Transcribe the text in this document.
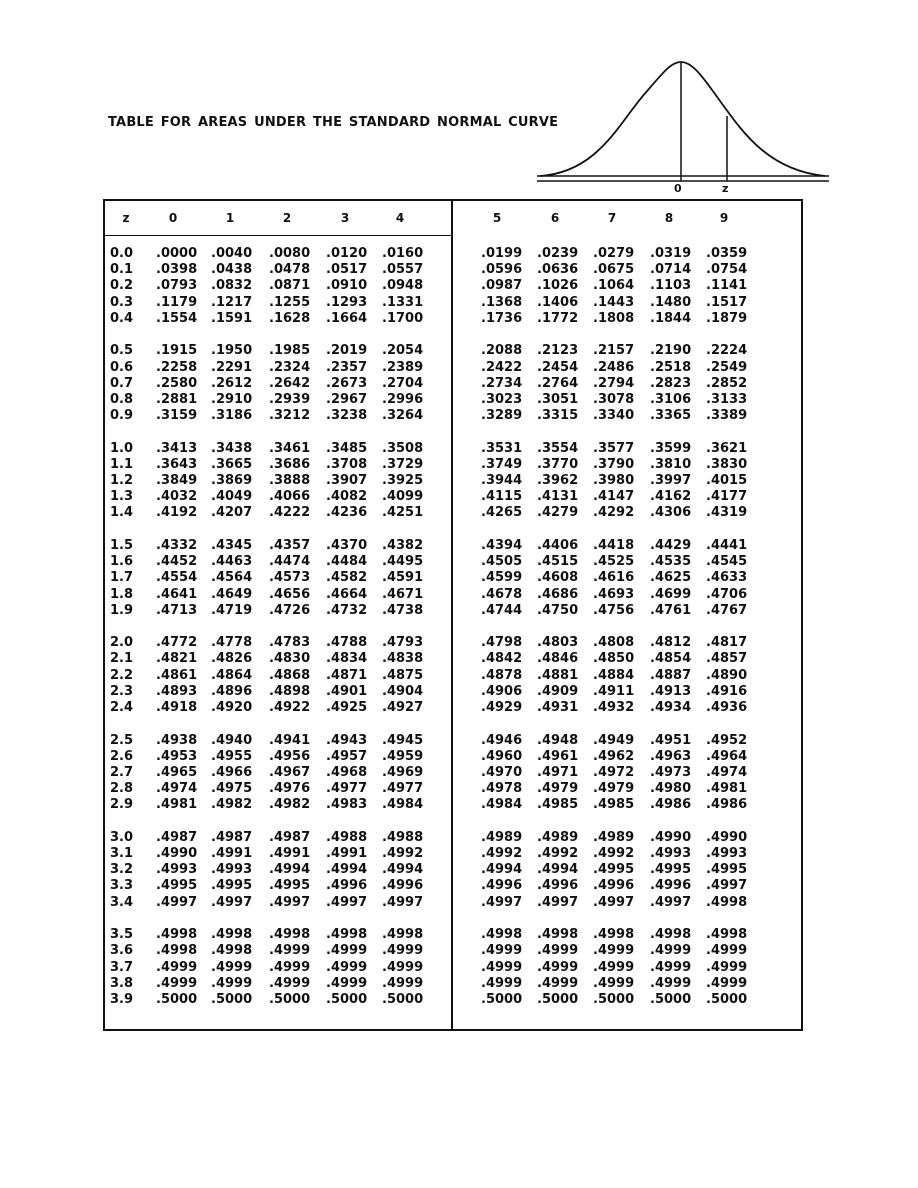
TABLE FOR AREAS UNDER THE STANDARD NORMAL CURVE
0	z
z	0	1	2	3	4	5	6	7	8	9
0.0 .0000 .0040 .0080 .0120 .0160	.0199 .0239 .0279 .0319 .0359
0.1 .0398 .0438 .0478 .0517 .0557	.0596 .0636 .0675 .0714 .0754
0.2 .0793 .0832 .0871 .0910 .0948	.0987 .1026 .1064 .1103 .1141
0.3 .1179 .1217 .1255 .1293 .1331	.1368 .1406 .1443 .1480 .1517
0.4 .1554 .1591 .1628 .1664 .1700	.1736 .1772 .1808 .1844 .1879
0.5 .1915 .1950 .1985 .2019 .2054	.2088 .2123 .2157 .2190 .2224
0.6 .2258 .2291 .2324 .2357 .2389	.2422 .2454 .2486 .2518 .2549
0.7 .2580 .2612 .2642 .2673 .2704	.2734 .2764 .2794 .2823 .2852
0.8 .2881 .2910 .2939 .2967 .2996	.3023 .3051 .3078 .3106 .3133
0.9 .3159 .3186 .3212 .3238 .3264	.3289 .3315 .3340 .3365 .3389
1.0 .3413 .3438 .3461 .3485 .3508	.3531 .3554 .3577 .3599 .3621
1.1 .3643 .3665 .3686 .3708 .3729	.3749 .3770 .3790 .3810 .3830
1.2 .3849 .3869 .3888 .3907 .3925	.3944 .3962 .3980 .3997 .4015
1.3 .4032 .4049 .4066 .4082 .4099	.4115 .4131 .4147 .4162 .4177
1.4 .4192 .4207 .4222 .4236 .4251	.4265 .4279 .4292 .4306 .4319
1.5 .4332 .4345 .4357 .4370 .4382	.4394 .4406 .4418 .4429 .4441
1.6 .4452 .4463 .4474 .4484 .4495	.4505 .4515 .4525 .4535 .4545
1.7 .4554 .4564 .4573 .4582 .4591	.4599 .4608 .4616 .4625 .4633
1.8 .4641 .4649 .4656 .4664 .4671	.4678 .4686 .4693 .4699 .4706
1.9 .4713 .4719 .4726 .4732 .4738	.4744 .4750 .4756 .4761 .4767
2.0 .4772 .4778 .4783 .4788 .4793	.4798 .4803 .4808 .4812 .4817
2.1 .4821 .4826 .4830 .4834 .4838	.4842 .4846 .4850 .4854 .4857
2.2 .4861 .4864 .4868 .4871 .4875	.4878 .4881 .4884 .4887 .4890
2.3 .4893 .4896 .4898 .4901 .4904	.4906 .4909 .4911 .4913 .4916
2.4 .4918 .4920 .4922 .4925 .4927	.4929 .4931 .4932 .4934 .4936
2.5 .4938 .4940 .4941 .4943 .4945	.4946 .4948 .4949 .4951 .4952
2.6 .4953 .4955 .4956 .4957 .4959	.4960 .4961 .4962 .4963 .4964
2.7 .4965 .4966 .4967 .4968 .4969	.4970 .4971 .4972 .4973 .4974
2.8 .4974 .4975 .4976 .4977 .4977	.4978 .4979 .4979 .4980 .4981
2.9 .4981 .4982 .4982 .4983 .4984	.4984 .4985 .4985 .4986 .4986
3.0 .4987 .4987 .4987 .4988 .4988	.4989 .4989 .4989 .4990 .4990
3.1 .4990 .4991 .4991 .4991 .4992	.4992 .4992 .4992 .4993 .4993
3.2 .4993 .4993 .4994 .4994 .4994	.4994 .4994 .4995 .4995 .4995
3.3 .4995 .4995 .4995 .4996 .4996	.4996 .4996 .4996 .4996 .4997
3.4 .4997 .4997 .4997 .4997 .4997	.4997 .4997 .4997 .4997 .4998
3.5 .4998 .4998 .4998 .4998 .4998	.4998 .4998 .4998 .4998 .4998
3.6 .4998 .4998 .4999 .4999 .4999	.4999 .4999 .4999 .4999 .4999
3.7 .4999 .4999 .4999 .4999 .4999	.4999 .4999 .4999 .4999 .4999
3.8 .4999 .4999 .4999 .4999 .4999	.4999 .4999 .4999 .4999 .4999
3.9 .5000 .5000 .5000 .5000 .5000	.5000 .5000 .5000 .5000 .5000
